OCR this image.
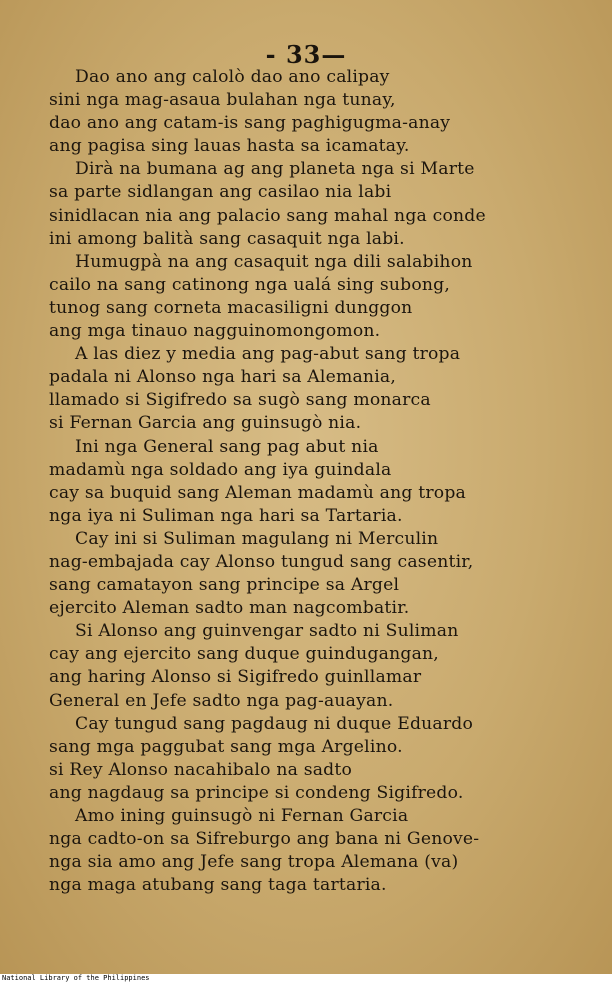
- 33—
Dao ano ang calolò dao ano calipay
sini nga mag-asaua bulahan nga tunay,
dao ano ang catam-is sang paghigugma-anay
ang pagisa sing lauas hasta sa icamatay.
Dirà na bumana ag ang planeta nga si Marte
sa parte sidlangan ang casilao nia labi
sinidlacan nia ang palacio sang mahal nga conde
ini among balità sang casaquit nga labi.
Humugpà na ang casaquit nga dili salabihon
cailo na sang catinong nga ualá sing subong,
tunog sang corneta macasiligni dunggon
ang mga tinauo nagguinomongomon.
A las diez y media ang pag-abut sang tropa
padala ni Alonso nga hari sa Alemania,
llamado si Sigifredo sa sugò sang monarca
si Fernan Garcia ang guinsugò nia.
Ini nga General sang pag abut nia
madamù nga soldado ang iya guindala
cay sa buquid sang Aleman madamù ang tropa
nga iya ni Suliman nga hari sa Tartaria.
Cay ini si Suliman magulang ni Merculin
nag-embajada cay Alonso tungud sang casentir,
sang camatayon sang principe sa Argel
ejercito Aleman sadto man nagcombatir.
Si Alonso ang guinvengar sadto ni Suliman
cay ang ejercito sang duque guindugangan,
ang haring Alonso si Sigifredo guinllamar
General en Jefe sadto nga pag-auayan.
Cay tungud sang pagdaug ni duque Eduardo
sang mga paggubat sang mga Argelino.
si Rey Alonso nacahibalo na sadto
ang nagdaug sa principe si condeng Sigifredo.
Amo ining guinsugò ni Fernan Garcia
nga cadto-on sa Sifreburgo ang bana ni Genove-
nga sia amo ang Jefe sang tropa Alemana (va)
nga maga atubang sang taga tartaria.
National Library of the Philippines
